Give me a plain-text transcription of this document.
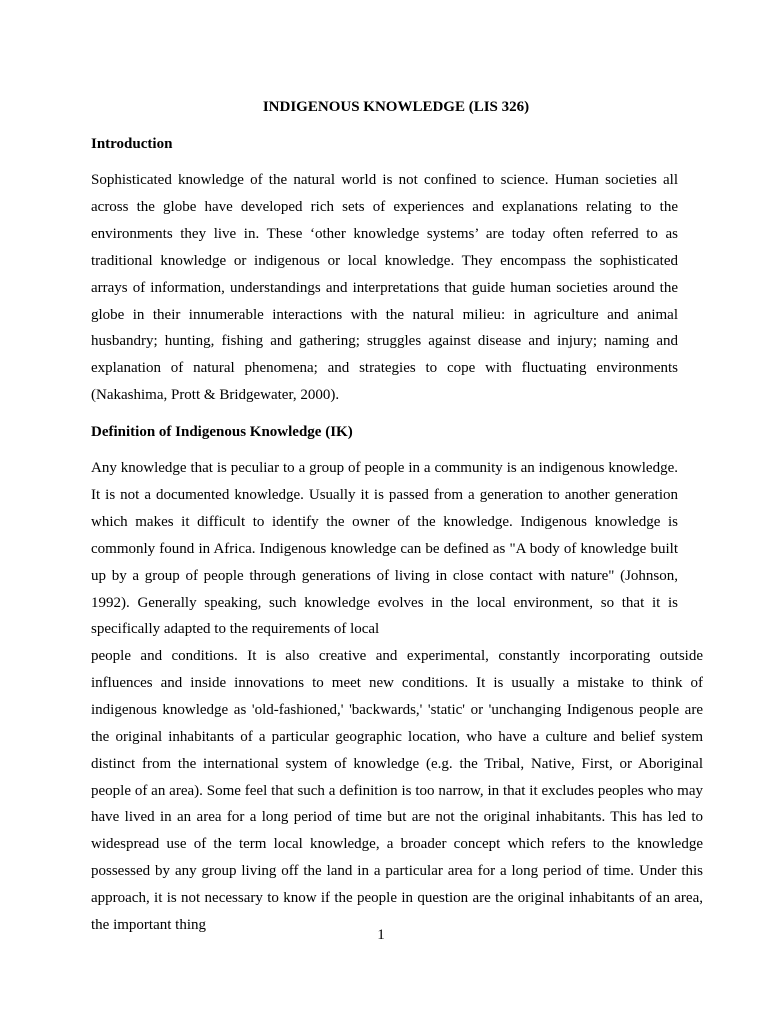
INDIGENOUS KNOWLEDGE (LIS 326)
Introduction

Sophisticated knowledge of the natural world is not confined to science. Human societies all across the globe have developed rich sets of experiences and explanations relating to the environments they live in. These ‘other knowledge systems’ are today often referred to as traditional knowledge or indigenous or local knowledge. They encompass the sophisticated arrays of information, understandings and interpretations that guide human societies around the globe in their innumerable interactions with the natural milieu: in agriculture and animal husbandry; hunting, fishing and gathering; struggles against disease and injury; naming and explanation of natural phenomena; and strategies to cope with fluctuating environments (Nakashima, Prott & Bridgewater, 2000).

Definition of Indigenous Knowledge (IK)

Any knowledge that is peculiar to a group of people in a community is an indigenous knowledge. It is not a documented knowledge. Usually it is passed from a generation to another generation which makes it difficult to identify the owner of the knowledge. Indigenous knowledge is commonly found in Africa. Indigenous knowledge can be defined as "A body of knowledge built up by a group of people through generations of living in close contact with nature" (Johnson, 1992). Generally speaking, such knowledge evolves in the local environment, so that it is specifically adapted to the requirements of local

people and conditions. It is also creative and experimental, constantly incorporating outside influences and inside innovations to meet new conditions. It is usually a mistake to think of indigenous knowledge as 'old-fashioned,' 'backwards,' 'static' or 'unchanging Indigenous people are the original inhabitants of a particular geographic location, who have a culture and belief system distinct from the international system of knowledge (e.g. the Tribal, Native, First, or Aboriginal people of an area). Some feel that such a definition is too narrow, in that it excludes peoples who may have lived in an area for a long period of time but are not the original inhabitants. This has led to widespread use of the term local knowledge, a broader concept which refers to the knowledge possessed by any group living off the land in a particular area for a long period of time. Under this approach, it is not necessary to know if the people in question are the original inhabitants of an area, the important thing

1
